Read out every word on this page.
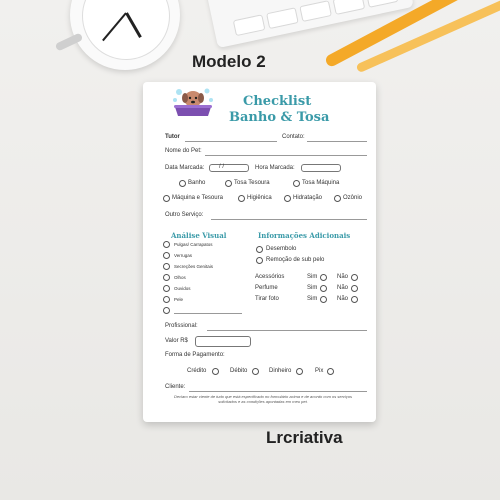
Modelo 2
Checklist
Banho & Tosa
Tutor	Contato:
Nome do Pet:
Data Marcada: / /	Hora Marcada:
Banho	Tosa Tesoura	Tosa Máquina
Máquina e Tesoura	Higiênica	Hidratação	Ozônio
Outro Serviço:
Análise Visual
Pulgas/ Carrapatos
Verrugas
Secreções Genitais
Olhos
Ouvidos
Pele
Informações Adicionais
Desembolo
Remoção de sub pelo
Acessórios	Sim	Não
Perfume	Sim	Não
Tirar foto	Sim	Não
Profissional:
Valor R$
Forma de Pagamento:
Crédito	Débito	Dinheiro	Pix
Cliente:
Declaro estar ciente de tudo que está especificado no formulário acima e de acordo com os serviços solicitados e as condições apontadas em meu pet.
Lrcriativa
